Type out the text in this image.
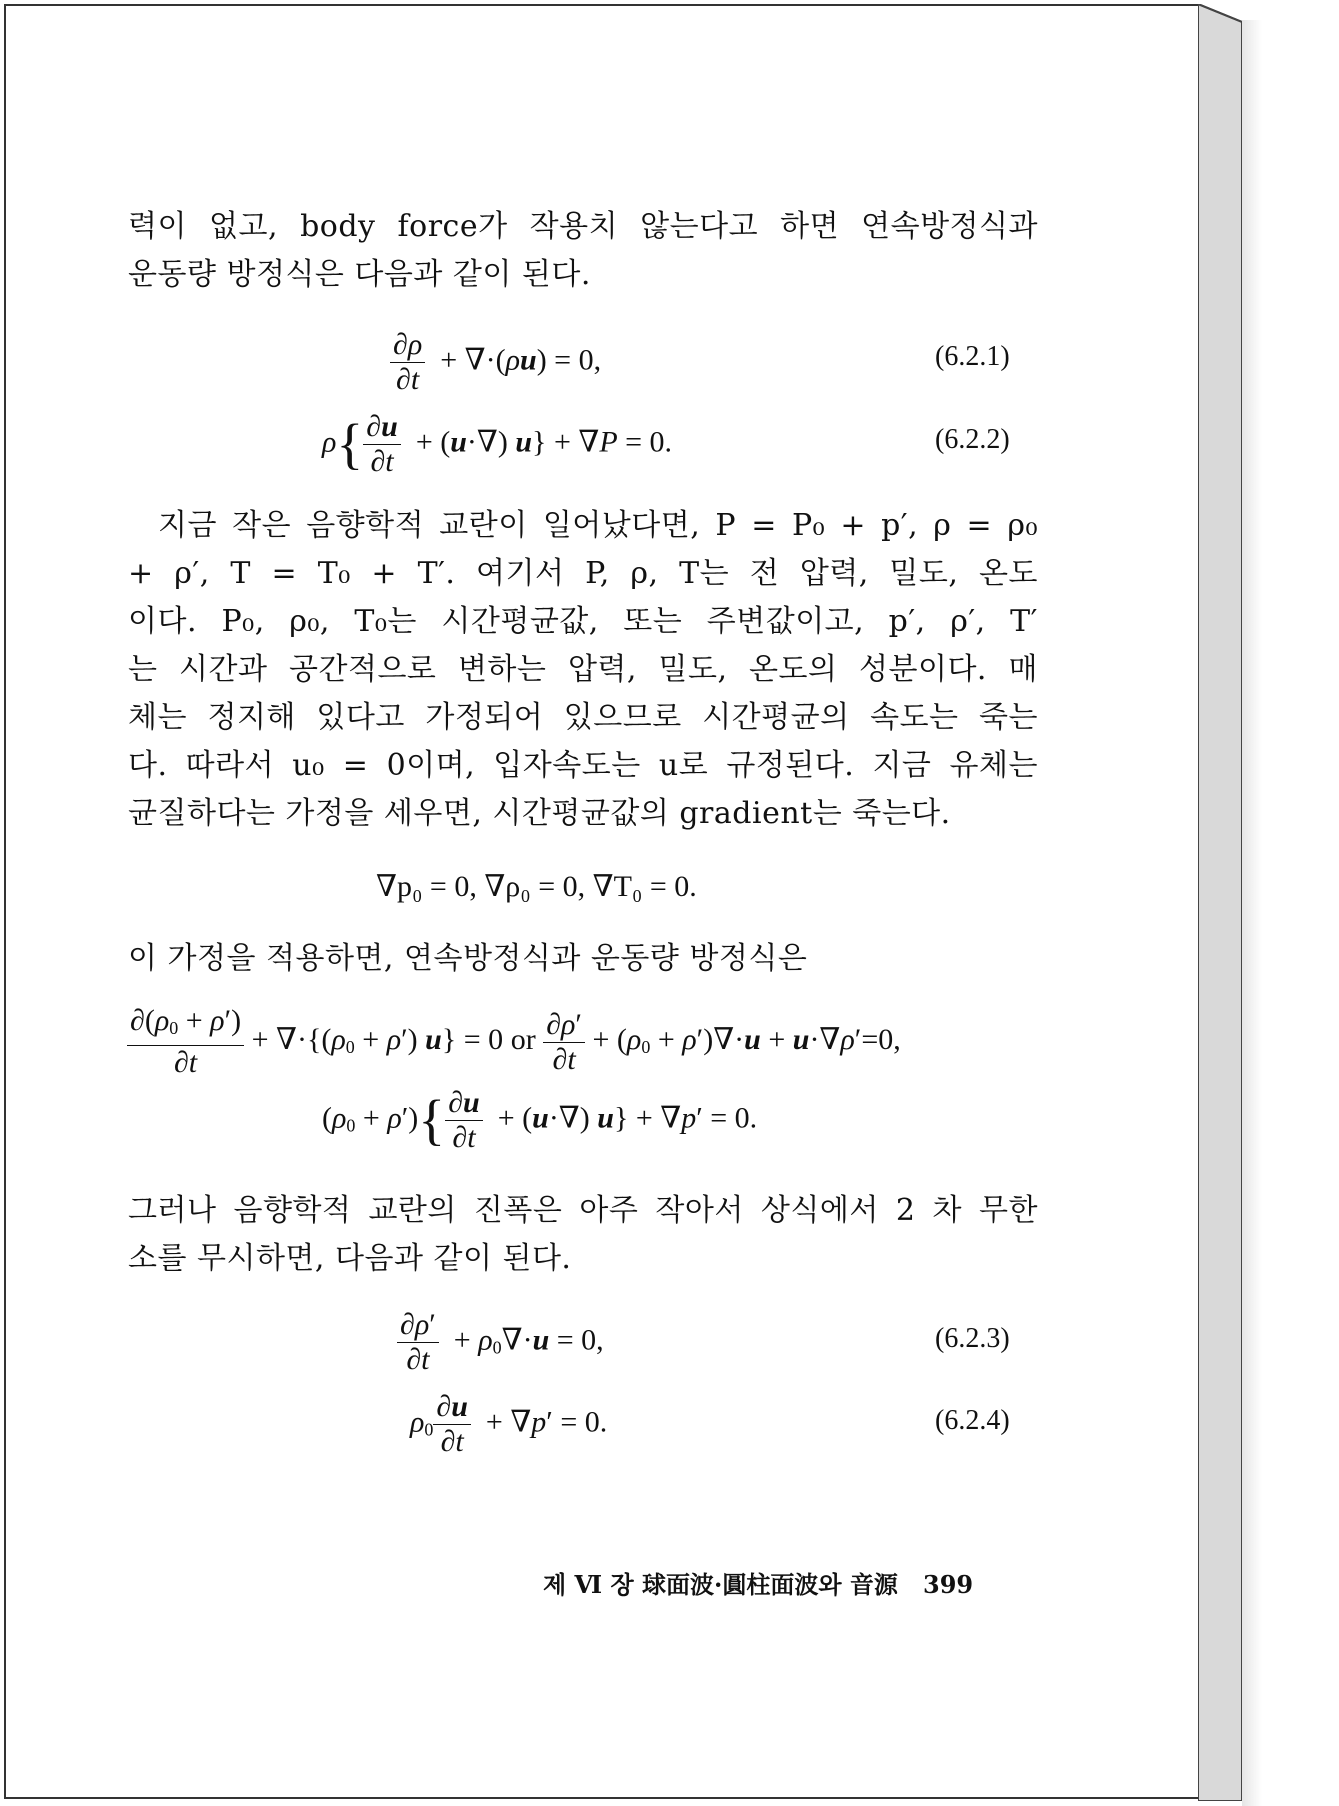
력이 없고, body force가 작용치 않는다고 하면 연속방정식과
운동량 방정식은 다음과 같이 된다.
$\frac{\partial\rho}{\partial t} + \nabla\cdot(\rho u) = 0$,	(6.2.1)
$\rho\{ \frac{\partial u}{\partial t} + (u\cdot\nabla) u\} + \nabla P = 0$.	(6.2.2)
지금 작은 음향학적 교란이 일어났다면, P = P₀ + p′, ρ = ρ₀
+ ρ′, T = T₀ + T′. 여기서 P, ρ, T는 전 압력, 밀도, 온도
이다. P₀, ρ₀, T₀는 시간평균값, 또는 주변값이고, p′, ρ′, T′
는 시간과 공간적으로 변하는 압력, 밀도, 온도의 성분이다. 매
체는 정지해 있다고 가정되어 있으므로 시간평균의 속도는 죽는
다. 따라서 u₀ = 0이며, 입자속도는 u로 규정된다. 지금 유체는
균질하다는 가정을 세우면, 시간평균값의 gradient는 죽는다.
∇p₀ = 0, ∇ρ₀ = 0, ∇T₀ = 0.
이 가정을 적용하면, 연속방정식과 운동량 방정식은
$\frac{\partial(\rho_0 + \rho')}{\partial t} + \nabla\cdot\{(\rho_0 + \rho') u\} = 0$ or $\frac{\partial\rho'}{\partial t} + (\rho_0 + \rho')\nabla\cdot u + u\cdot\nabla\rho'=0$,
$(\rho_0 + \rho')\{ \frac{\partial u}{\partial t} + (u\cdot\nabla) u\} + \nabla p' = 0$.
그러나 음향학적 교란의 진폭은 아주 작아서 상식에서 2 차 무한
소를 무시하면, 다음과 같이 된다.
$\frac{\partial\rho'}{\partial t} + \rho_0\nabla\cdot u = 0$,	(6.2.3)
$\rho_0 \frac{\partial u}{\partial t} + \nabla p' = 0$.	(6.2.4)
제 Ⅵ 장 球面波·圓柱面波와 音源 399
